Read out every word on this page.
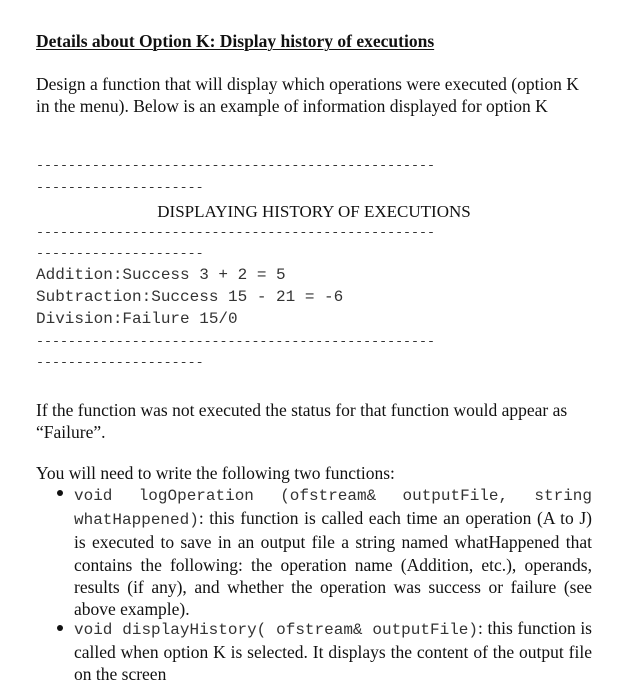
Details about Option K: Display history of executions
Design a function that will display which operations were executed (option K in the menu). Below is an example of information displayed for option K
--------------------------------------------------
---------------------
DISPLAYING HISTORY OF EXECUTIONS
--------------------------------------------------
---------------------
Addition:Success 3 + 2 = 5
Subtraction:Success 15 - 21 = -6
Division:Failure 15/0
--------------------------------------------------
---------------------
If the function was not executed the status for that function would appear as “Failure”.
You will need to write the following two functions:
void logOperation (ofstream& outputFile, string whatHappened): this function is called each time an operation (A to J) is executed to save in an output file a string named whatHappened that contains the following: the operation name (Addition, etc.), operands, results (if any), and whether the operation was success or failure (see above example).
void displayHistory( ofstream& outputFile): this function is called when option K is selected. It displays the content of the output file on the screen
